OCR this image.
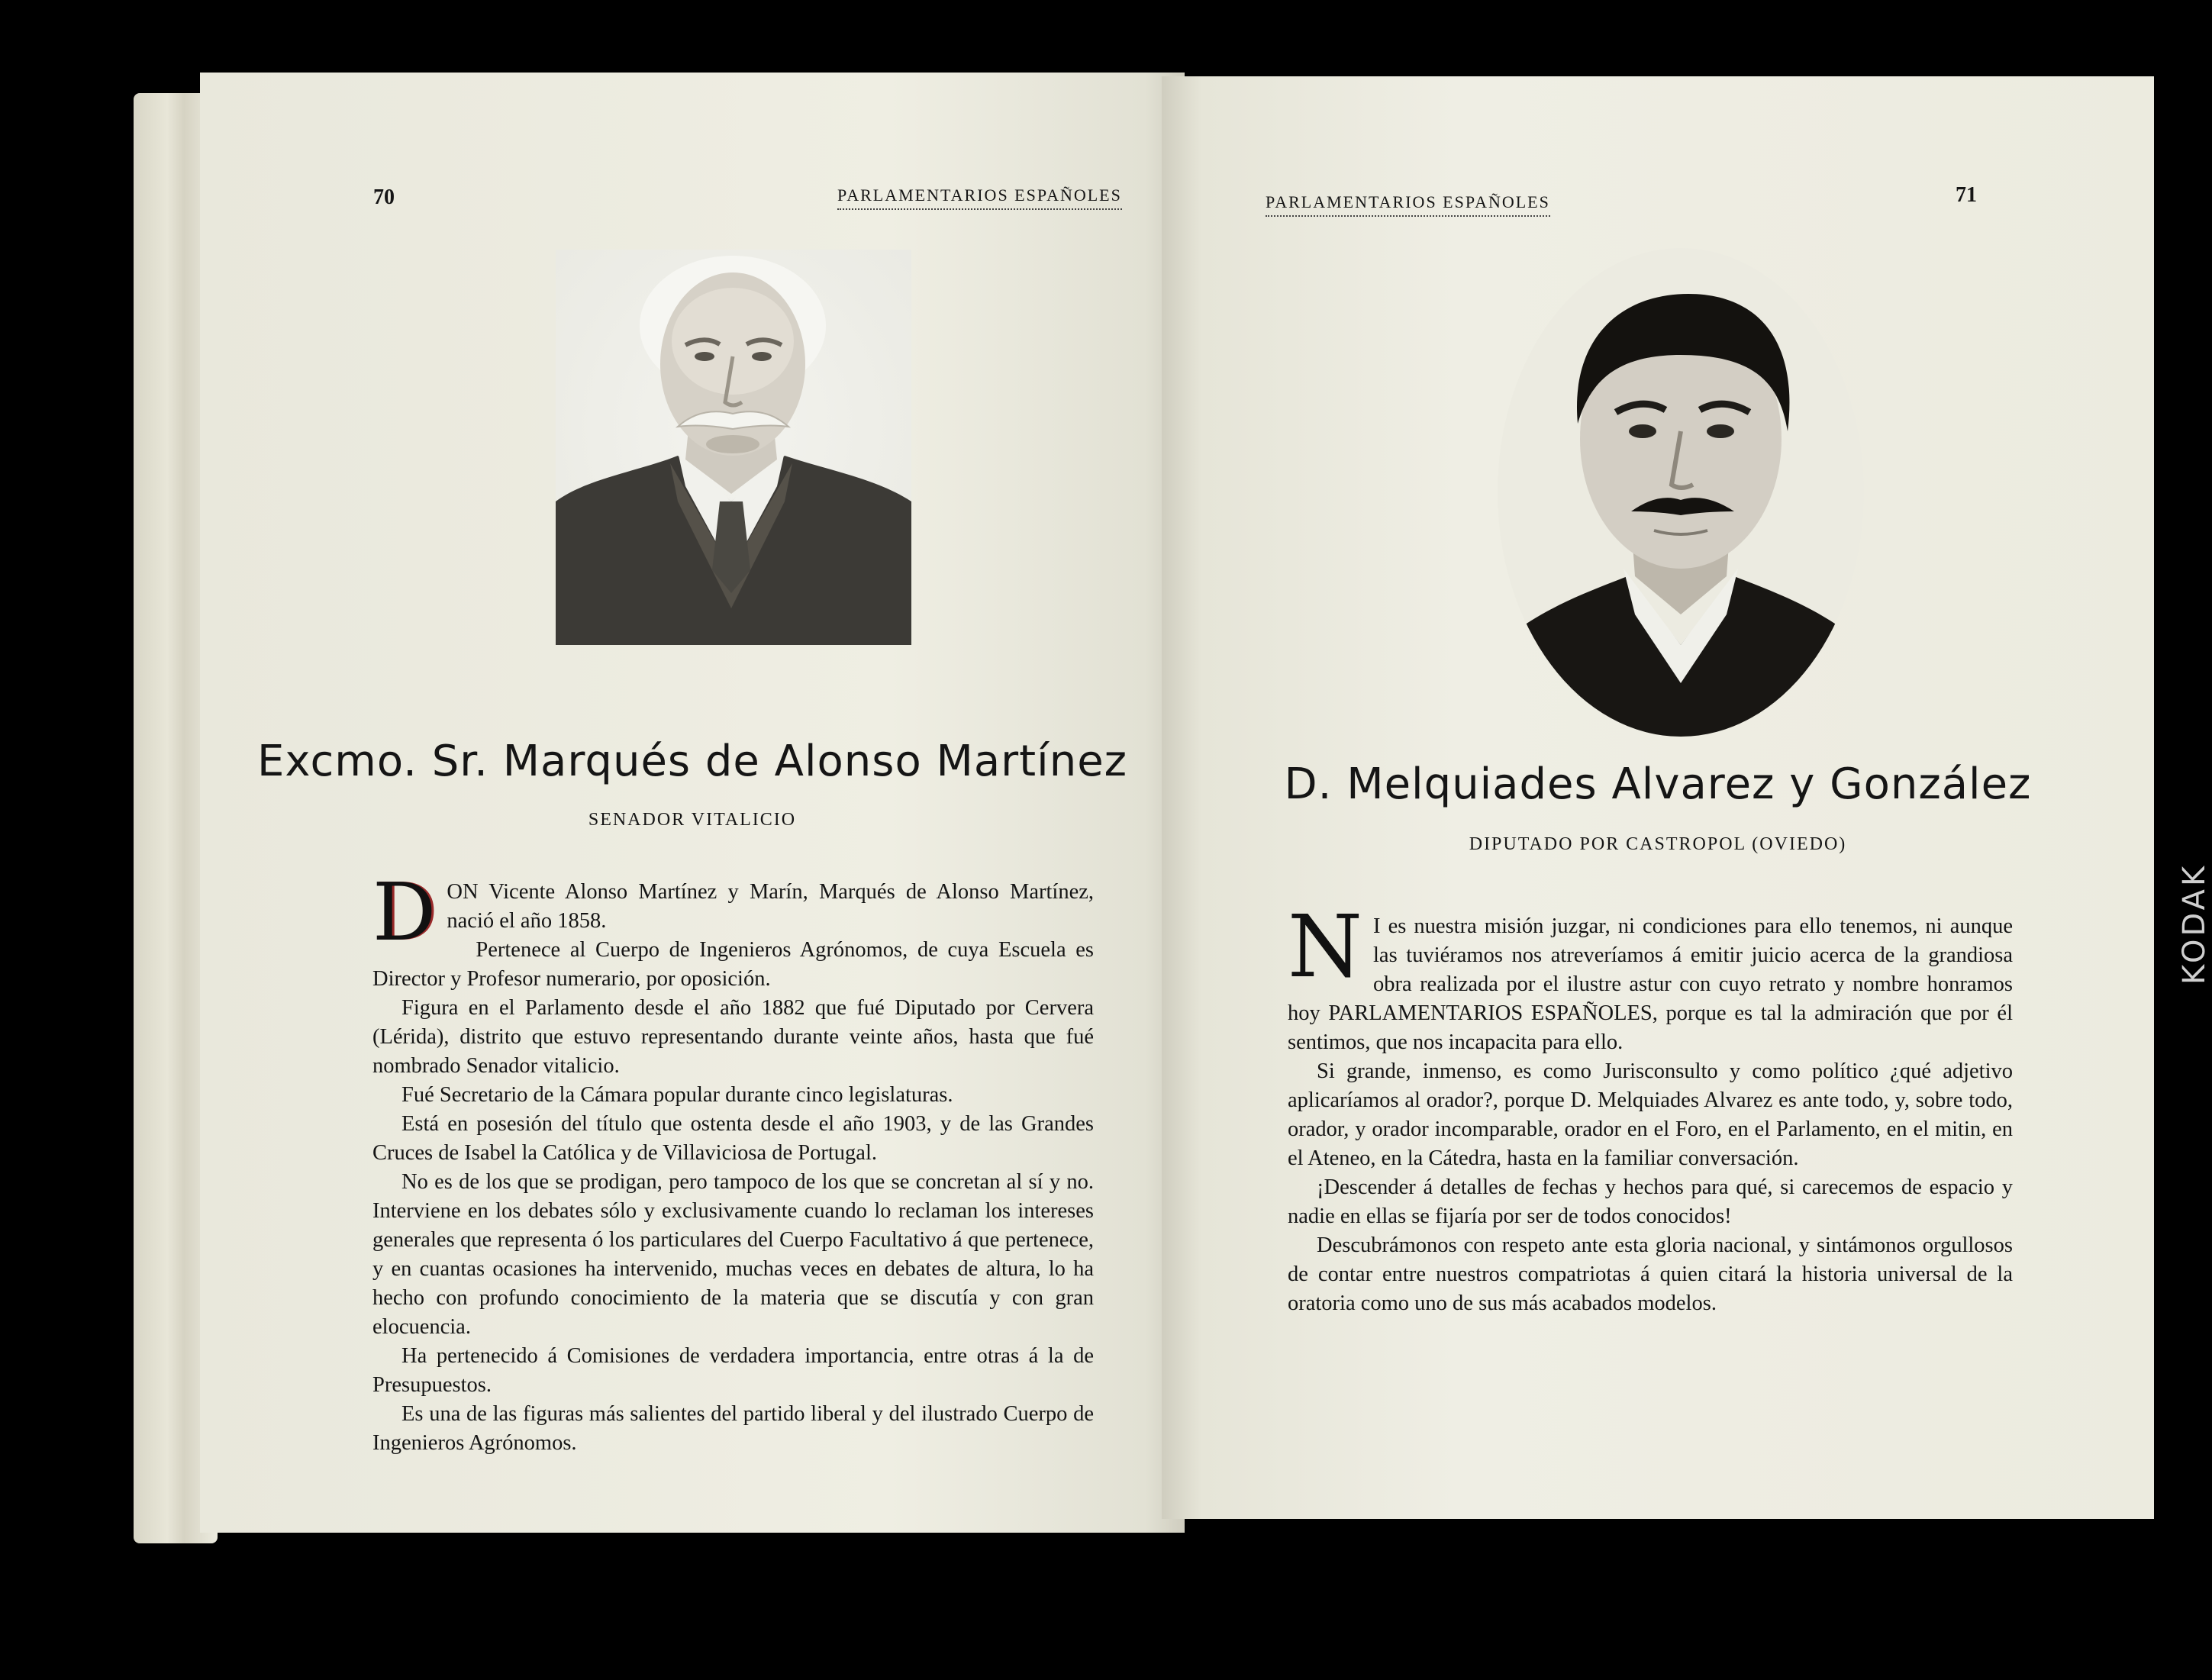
70	PARLAMENTARIOS ESPAÑOLES
Excmo. Sr. Marqués de Alonso Martínez
SENADOR VITALICIO

DON Vicente Alonso Martínez y Marín, Marqués de Alonso Martínez, nació el año 1858.

Pertenece al Cuerpo de Ingenieros Agrónomos, de cuya Escuela es Director y Profesor numerario, por oposición.

Figura en el Parlamento desde el año 1882 que fué Diputado por Cervera (Lérida), distrito que estuvo representando durante veinte años, hasta que fué nombrado Senador vitalicio.

Fué Secretario de la Cámara popular durante cinco legislaturas.

Está en posesión del título que ostenta desde el año 1903, y de las Grandes Cruces de Isabel la Católica y de Villaviciosa de Portugal.

No es de los que se prodigan, pero tampoco de los que se concretan al sí y no. Interviene en los debates sólo y exclusivamente cuando lo reclaman los intereses generales que representa ó los particulares del Cuerpo Facultativo á que pertenece, y en cuantas ocasiones ha intervenido, muchas veces en debates de altura, lo ha hecho con profundo conocimiento de la materia que se discutía y con gran elocuencia.

Ha pertenecido á Comisiones de verdadera importancia, entre otras á la de Presupuestos.

Es una de las figuras más salientes del partido liberal y del ilustrado Cuerpo de Ingenieros Agrónomos.

PARLAMENTARIOS ESPAÑOLES	71
D. Melquiades Alvarez y González
DIPUTADO POR CASTROPOL (OVIEDO)

N I es nuestra misión juzgar, ni condiciones para ello tenemos, ni aunque las tuviéramos nos atreveríamos á emitir juicio acerca de la grandiosa obra realizada por el ilustre astur con cuyo retrato y nombre honramos hoy PARLAMENTARIOS ESPAÑOLES, porque es tal la admiración que por él sentimos, que nos incapacita para ello.

Si grande, inmenso, es como Jurisconsulto y como político ¿qué adjetivo aplicaríamos al orador?, porque D. Melquiades Alvarez es ante todo, y, sobre todo, orador, y orador incomparable, orador en el Foro, en el Parlamento, en el mitin, en el Ateneo, en la Cátedra, hasta en la familiar conversación.

¡Descender á detalles de fechas y hechos para qué, si carecemos de espacio y nadie en ellas se fijaría por ser de todos conocidos!

Descubrámonos con respeto ante esta gloria nacional, y sintámonos orgullosos de contar entre nuestros compatriotas á quien citará la historia universal de la oratoria como uno de sus más acabados modelos.

KODAK
